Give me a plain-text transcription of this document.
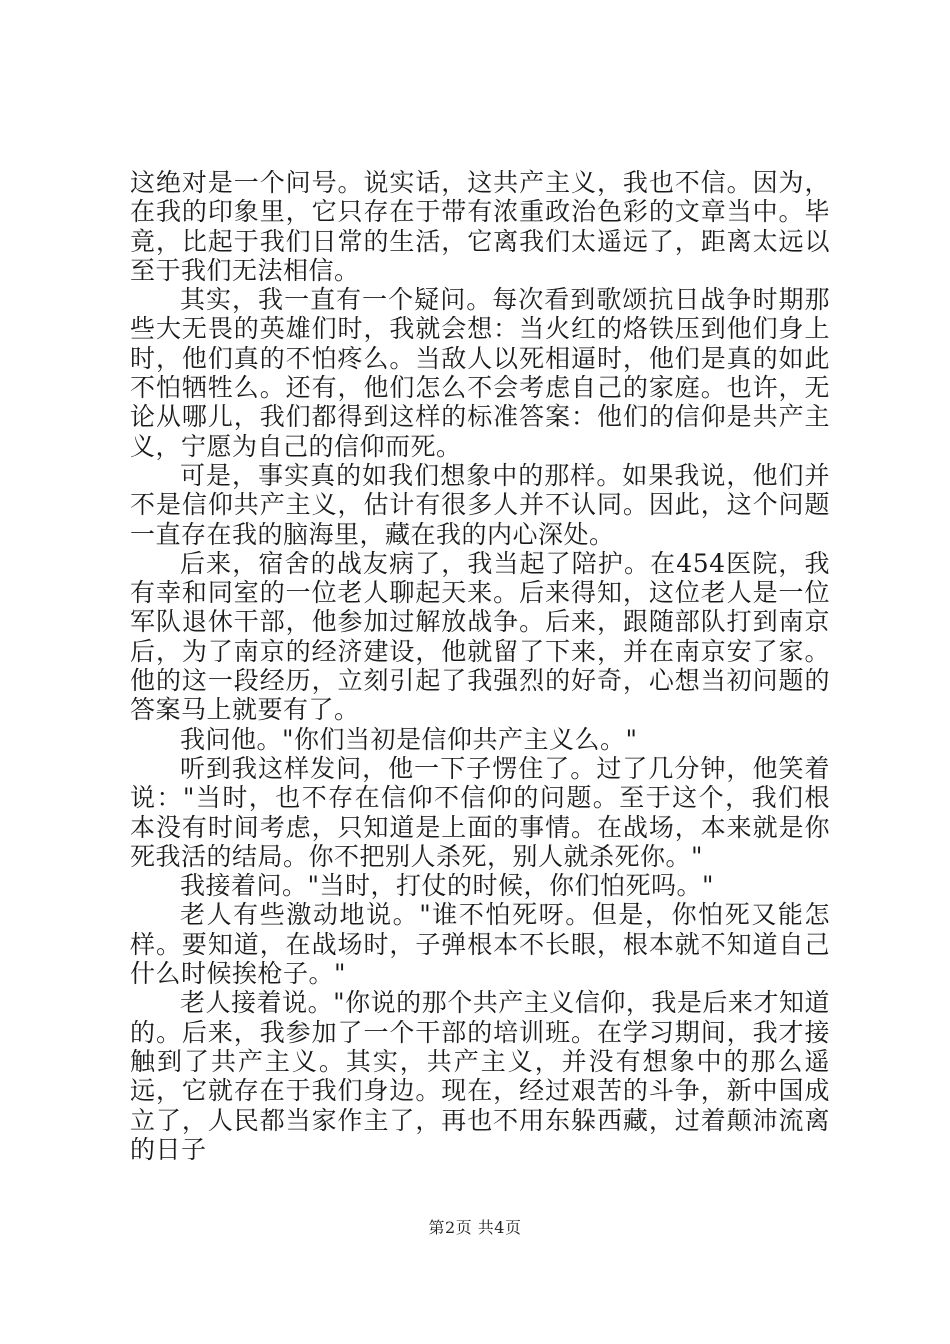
这绝对是一个问号。说实话，这共产主义，我也不信。因为，在我的印象里，它只存在于带有浓重政治色彩的文章当中。毕竟，比起于我们日常的生活，它离我们太遥远了，距离太远以至于我们无法相信。

其实，我一直有一个疑问。每次看到歌颂抗日战争时期那些大无畏的英雄们时，我就会想：当火红的烙铁压到他们身上时，他们真的不怕疼么。当敌人以死相逼时，他们是真的如此不怕牺牲么。还有，他们怎么不会考虑自己的家庭。也许，无论从哪儿，我们都得到这样的标准答案：他们的信仰是共产主义，宁愿为自己的信仰而死。

可是，事实真的如我们想象中的那样。如果我说，他们并不是信仰共产主义，估计有很多人并不认同。因此，这个问题一直存在我的脑海里，藏在我的内心深处。

后来，宿舍的战友病了，我当起了陪护。在454医院，我有幸和同室的一位老人聊起天来。后来得知，这位老人是一位军队退休干部，他参加过解放战争。后来，跟随部队打到南京后，为了南京的经济建设，他就留了下来，并在南京安了家。他的这一段经历，立刻引起了我强烈的好奇，心想当初问题的答案马上就要有了。

我问他。"你们当初是信仰共产主义么。"

听到我这样发问，他一下子愣住了。过了几分钟，他笑着说："当时，也不存在信仰不信仰的问题。至于这个，我们根本没有时间考虑，只知道是上面的事情。在战场，本来就是你死我活的结局。你不把别人杀死，别人就杀死你。"

我接着问。"当时，打仗的时候，你们怕死吗。"

老人有些激动地说。"谁不怕死呀。但是，你怕死又能怎样。要知道，在战场时，子弹根本不长眼，根本就不知道自己什么时候挨枪子。"

老人接着说。"你说的那个共产主义信仰，我是后来才知道的。后来，我参加了一个干部的培训班。在学习期间，我才接触到了共产主义。其实，共产主义，并没有想象中的那么遥远，它就存在于我们身边。现在，经过艰苦的斗争，新中国成立了，人民都当家作主了，再也不用东躲西藏，过着颠沛流离的日子

第2页 共4页
